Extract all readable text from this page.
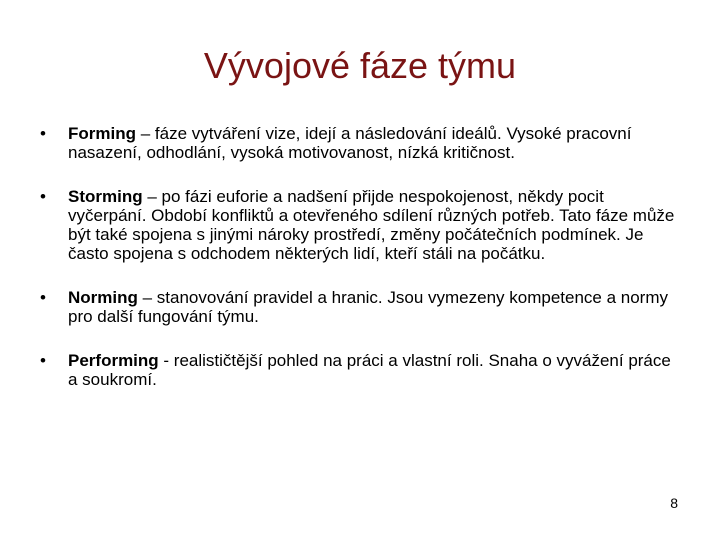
Vývojové fáze týmu
• Forming – fáze vytváření vize, idejí a následování ideálů. Vysoké pracovní nasazení, odhodlání, vysoká motivovanost, nízká kritičnost.
• Storming – po fázi euforie a nadšení přijde nespokojenost, někdy pocit vyčerpání. Období konfliktů a otevřeného sdílení různých potřeb. Tato fáze může být také spojena s jinými nároky prostředí, změny počátečních podmínek. Je často spojena s odchodem některých lidí, kteří stáli na počátku.
• Norming – stanovování pravidel a hranic. Jsou vymezeny kompetence a normy pro další fungování týmu.
• Performing - realističtější pohled na práci a vlastní roli. Snaha o vyvážení práce a soukromí.
8
